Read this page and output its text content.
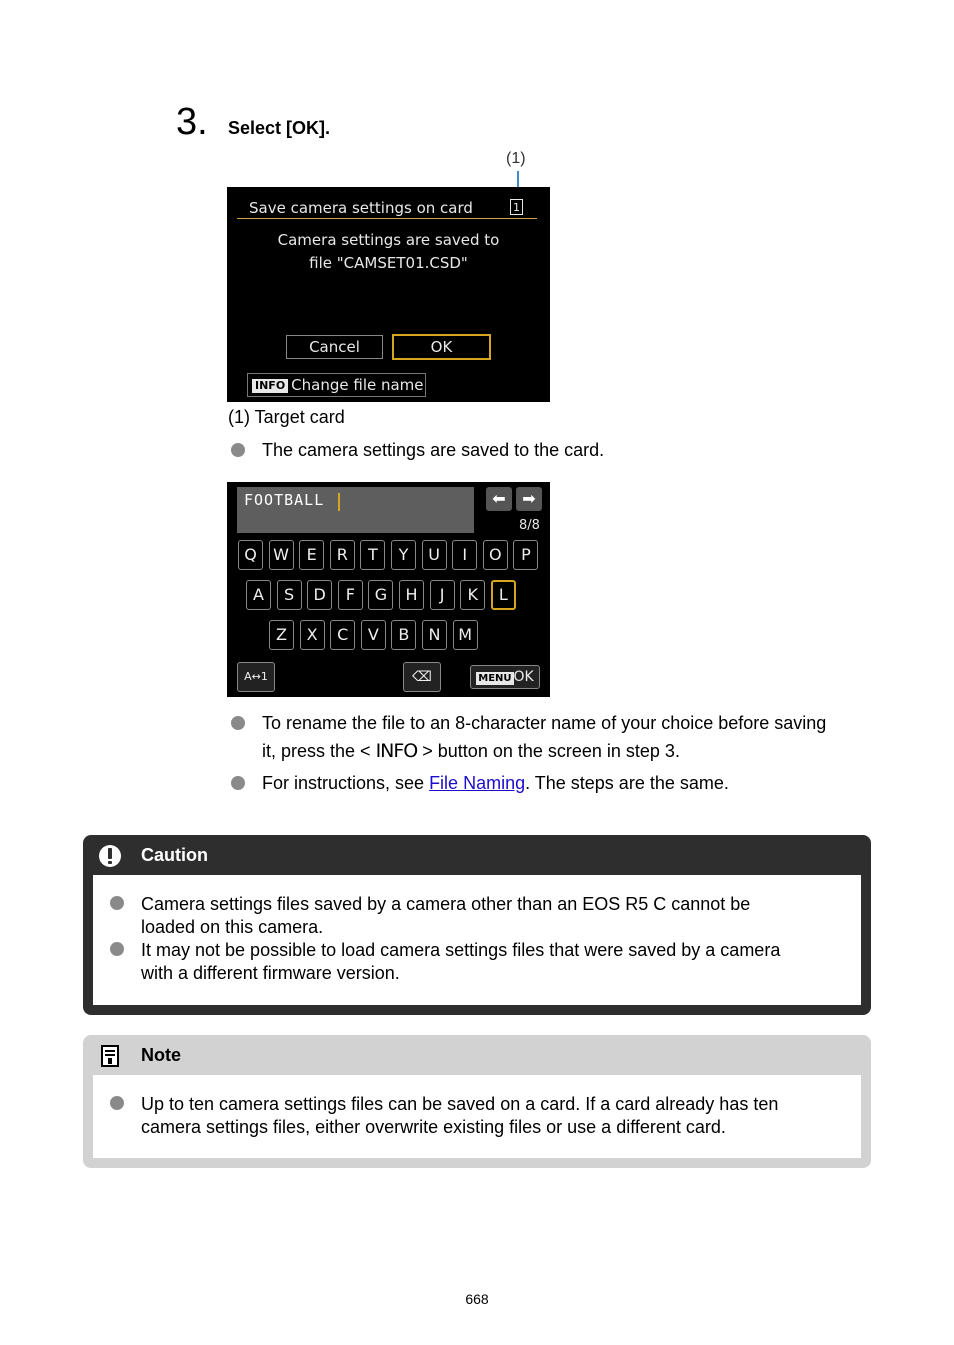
3. Select [OK].
(1)
Save camera settings on card	1
Camera settings are saved to
file "CAMSET01.CSD"
Cancel	OK
INFO Change file name
(1) Target card
The camera settings are saved to the card.
FOOTBALL	⬅	➡
8/8
Q	W	E	R	T	Y	U	I	O	P
A	S	D	F	G	H	J	K	L
Z	X	C	V	B	N	M
A↔1	⌫	MENU OK
To rename the file to an 8-character name of your choice before saving
it, press the < INFO > button on the screen in step 3.
For instructions, see File Naming. The steps are the same.
Caution
Camera settings files saved by a camera other than an EOS R5 C cannot be
loaded on this camera.
It may not be possible to load camera settings files that were saved by a camera
with a different firmware version.
Note
Up to ten camera settings files can be saved on a card. If a card already has ten
camera settings files, either overwrite existing files or use a different card.
668
